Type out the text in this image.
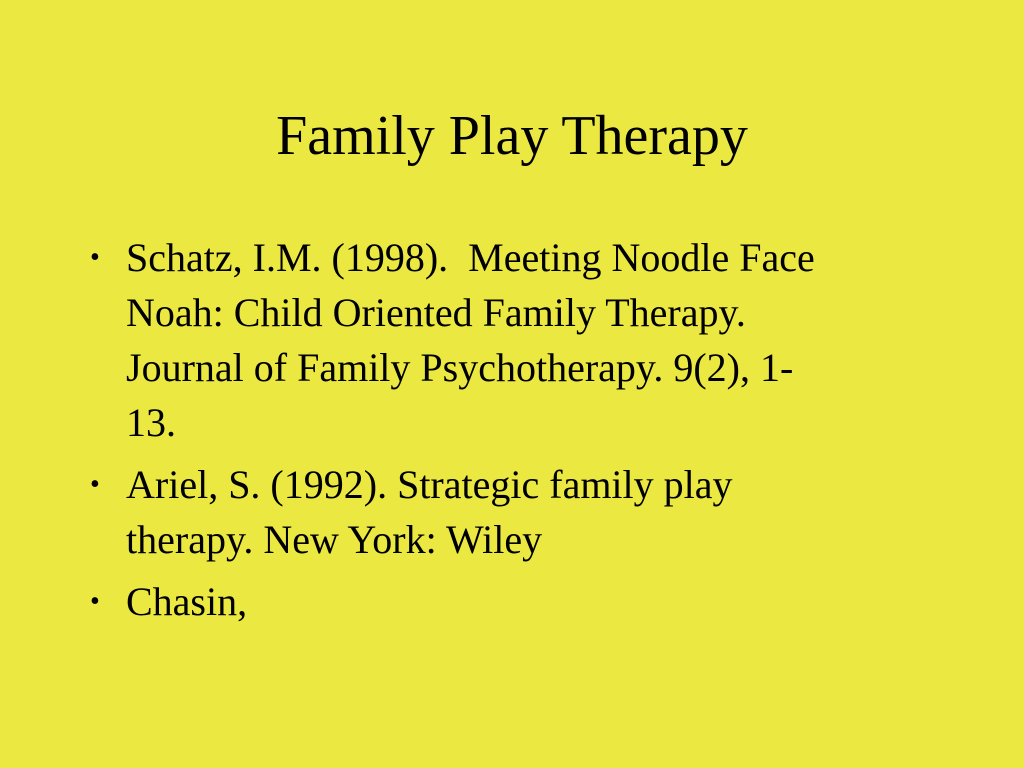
Family Play Therapy
• Schatz, I.M. (1998).  Meeting Noodle Face
Noah: Child Oriented Family Therapy.
Journal of Family Psychotherapy. 9(2), 1-
13.
• Ariel, S. (1992). Strategic family play
therapy. New York: Wiley
• Chasin,
